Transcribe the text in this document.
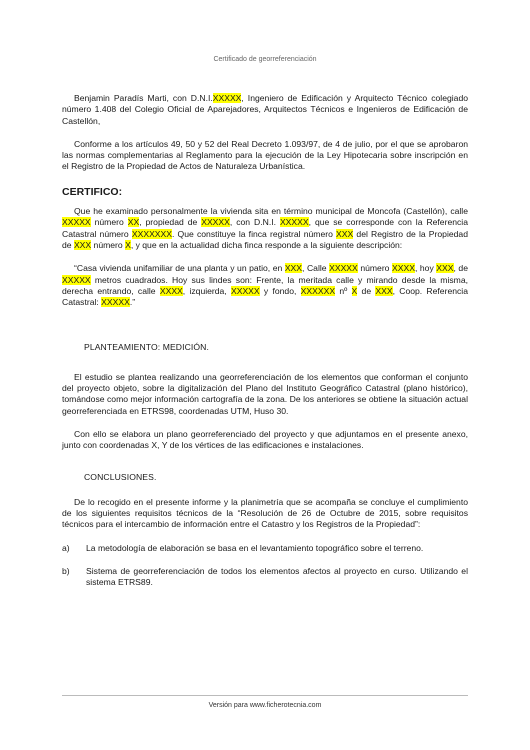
Certificado de georreferenciación

Benjamin Paradís Marti, con D.N.I.XXXXX, Ingeniero de Edificación y Arquitecto Técnico colegiado número 1.408 del Colegio Oficial de Aparejadores, Arquitectos Técnicos e Ingenieros de Edificación de Castellón,

Conforme a los artículos 49, 50 y 52 del Real Decreto 1.093/97, de 4 de julio, por el que se aprobaron las normas complementarias al Reglamento para la ejecución de la Ley Hipotecaria sobre inscripción en el Registro de la Propiedad de Actos de Naturaleza Urbanística.

CERTIFICO:

Que he examinado personalmente la vivienda sita en término municipal de Moncofa (Castellón), calle XXXXX número XX, propiedad de XXXXX, con D.N.I. XXXXX, que se corresponde con la Referencia Catastral número XXXXXXX. Que constituye la finca registral número XXX del Registro de la Propiedad de XXX número X, y que en la actualidad dicha finca responde a la siguiente descripción:

“Casa vivienda unifamiliar de una planta y un patio, en XXX, Calle XXXXX número XXXX, hoy XXX, de XXXXX metros cuadrados. Hoy sus lindes son: Frente, la meritada calle y mirando desde la misma, derecha entrando, calle XXXX, izquierda, XXXXX y fondo, XXXXXX nº X de XXX, Coop. Referencia Catastral: XXXXX.”

PLANTEAMIENTO: MEDICIÓN.

El estudio se plantea realizando una georreferenciación de los elementos que conforman el conjunto del proyecto objeto, sobre la digitalización del Plano del Instituto Geográfico Catastral (plano histórico), tomándose como mejor información cartografía de la zona. De los anteriores se obtiene la situación actual georreferenciada en ETRS98, coordenadas UTM, Huso 30.

Con ello se elabora un plano georreferenciado del proyecto y que adjuntamos en el presente anexo, junto con coordenadas X, Y de los vértices de las edificaciones e instalaciones.

CONCLUSIONES.

De lo recogido en el presente informe y la planimetría que se acompaña se concluye el cumplimiento de los siguientes requisitos técnicos de la “Resolución de 26 de Octubre de 2015, sobre requisitos técnicos para el intercambio de información entre el Catastro y los Registros de la Propiedad”:

a)	La metodología de elaboración se basa en el levantamiento topográfico sobre el terreno.
b)	Sistema de georreferenciación de todos los elementos afectos al proyecto en curso. Utilizando el sistema ETRS89.
Versión para www.ficherotecnia.com
